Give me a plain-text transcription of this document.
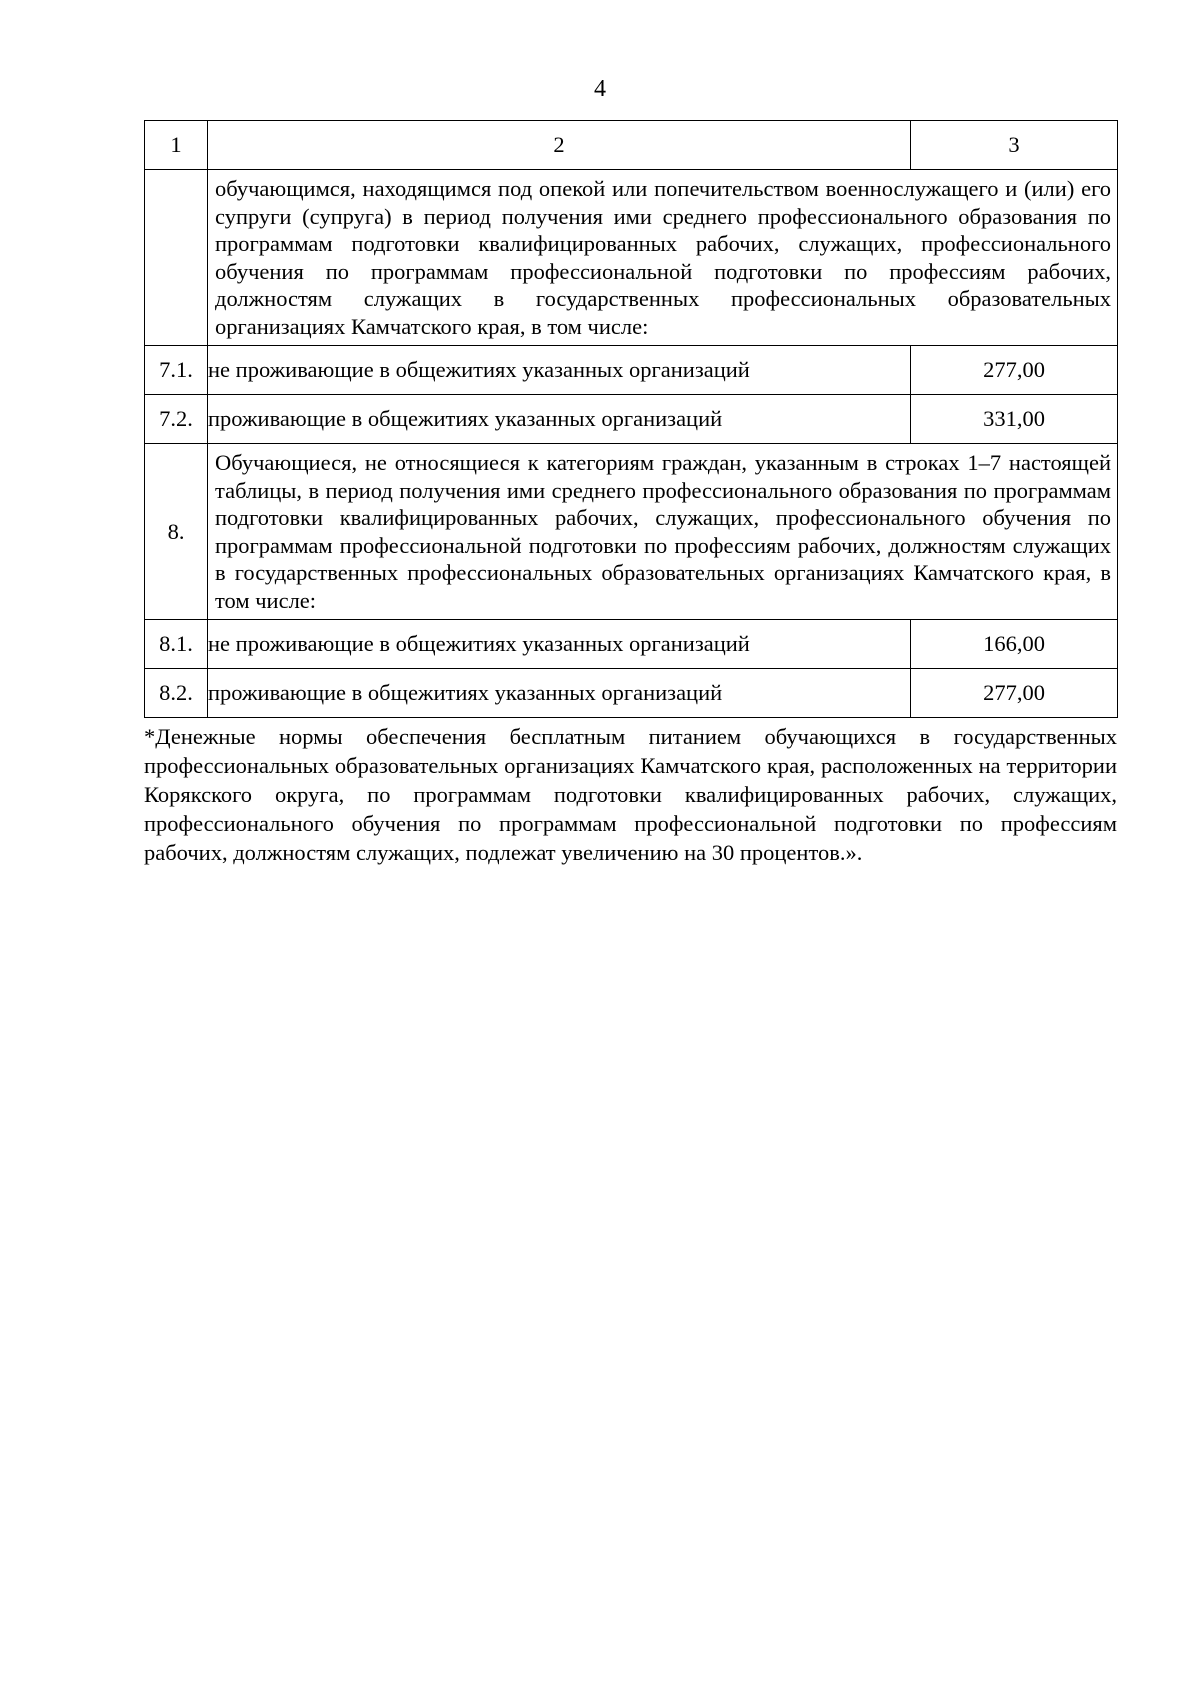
4
1	2	3
	обучающимся, находящимся под опекой или попечительством военнослужащего и (или) его супруги (супруга) в период получения ими среднего профессионального образования по программам подготовки квалифицированных рабочих, служащих, профессионального обучения по программам профессиональной подготовки по профессиям рабочих, должностям служащих в государственных профессиональных образовательных организациях Камчатского края, в том числе:	
7.1.	не проживающие в общежитиях указанных организаций	277,00
7.2.	проживающие в общежитиях указанных организаций	331,00
8.	Обучающиеся, не относящиеся к категориям граждан, указанным в строках 1–7 настоящей таблицы, в период получения ими среднего профессионального образования по программам подготовки квалифицированных рабочих, служащих, профессионального обучения по программам профессиональной подготовки по профессиям рабочих, должностям служащих в государственных профессиональных образовательных организациях Камчатского края, в том числе:	
8.1.	не проживающие в общежитиях указанных организаций	166,00
8.2.	проживающие в общежитиях указанных организаций	277,00
*Денежные нормы обеспечения бесплатным питанием обучающихся в государственных профессиональных образовательных организациях Камчатского края, расположенных на территории Корякского округа, по программам подготовки квалифицированных рабочих, служащих, профессионального обучения по программам профессиональной подготовки по профессиям рабочих, должностям служащих, подлежат увеличению на 30 процентов.».
